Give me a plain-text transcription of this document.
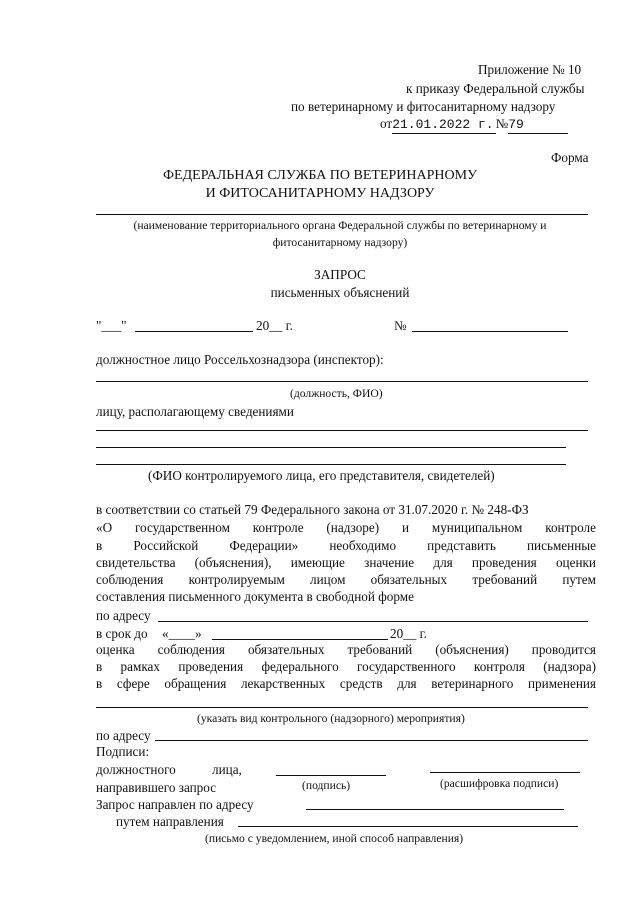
Приложение № 10
к приказу Федеральной службы
по ветеринарному и фитосанитарному надзору
от21.01.2022 г. №79
Форма
ФЕДЕРАЛЬНАЯ СЛУЖБА ПО ВЕТЕРИНАРНОМУ
И ФИТОСАНИТАРНОМУ НАДЗОРУ
(наименование территориального органа Федеральной службы по ветеринарному и
фитосанитарному надзору)
ЗАПРОС
письменных объяснений
"___"	20__ г.	№
должностное лицо Россельхознадзора (инспектор):
(должность, ФИО)
лицу, располагающему сведениями
(ФИО контролируемого лица, его представителя, свидетелей)
в соответствии со статьей 79 Федерального закона от 31.07.2020 г. № 248-ФЗ
«О государственном контроле (надзоре) и муниципальном контроле
в Российской Федерации» необходимо представить письменные
свидетельства (объяснения), имеющие значение для проведения оценки
соблюдения контролируемым лицом обязательных требований путем
составления письменного документа в свободной форме
по адресу
в срок до «____»	20__ г.
оценка соблюдения обязательных требований (объяснения) проводится
в рамках проведения федерального государственного контроля (надзора)
в сфере обращения лекарственных средств для ветеринарного применения
(указать вид контрольного (надзорного) мероприятия)
по адресу
Подписи:
должностного	лица,
направившего запрос	(подпись)	(расшифровка подписи)
Запрос направлен по адресу
путем направления
(письмо с уведомлением, иной способ направления)
